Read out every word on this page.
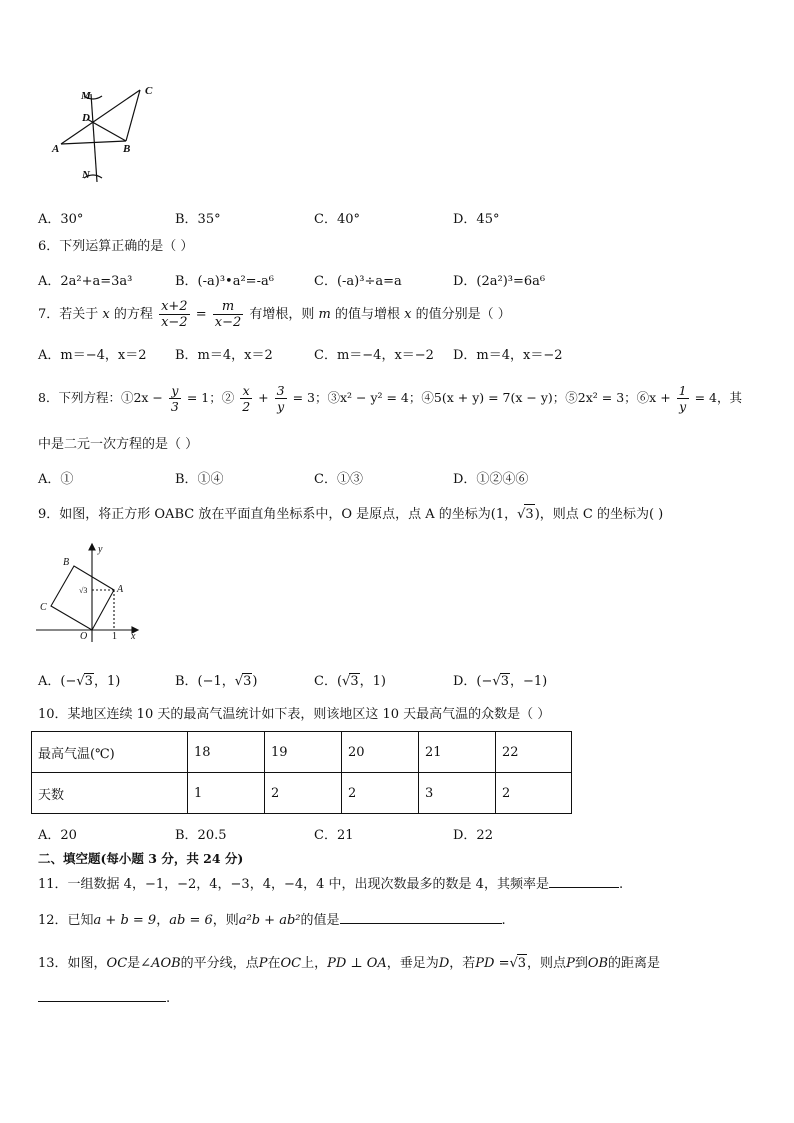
M	C
D
A	B
N
A．30°	B．35°	C．40°	D．45°
6．下列运算正确的是（ ）
A．2a²+a=3a³	B．(-a)³•a²=-a⁶	C．(-a)³÷a=a	D．(2a²)³=6a⁶
7．若关于 x 的方程 $\frac{x+2}{x-2} = \frac{m}{x-2}$ 有增根，则 m 的值与增根 x 的值分别是（ ）
A．m＝−4，x＝2 B．m＝4，x＝2	C．m＝−4，x＝−2 D．m＝4，x＝−2
8．下列方程：①2x − $\frac{y}{3} = 1$；② $\frac{x}{2} + \frac{3}{y} = 3$；③x² − y² = 4；④5(x + y) = 7(x − y)；⑤2x² = 3；⑥x + $\frac{1}{y} = 4$，其
中是二元一次方程的是（ ）
A．①	B．①④	C．①③	D．①②④⑥
9．如图，将正方形 OABC 放在平面直角坐标系中，O 是原点，点 A 的坐标为(1，√3)，则点 C 的坐标为( )
B
y
√3	A
C
O 1 x
A．(−√3，1)	B．(−1，√3)	C．(√3，1)	D．(−√3，−1)
10．某地区连续 10 天的最高气温统计如下表，则该地区这 10 天最高气温的众数是（ ）
最高气温(℃)	18	19	20	21	22
天数	1	2	2	3	2
A．20	B．20.5	C．21	D．22
二、填空题(每小题 3 分，共 24 分)
11．一组数据 4，−1，−2，4，−3，4，−4，4 中，出现次数最多的数是 4，其频率是	.
12．已知a + b = 9，ab = 6，则a²b + ab²的值是	.
13．如图，OC是∠AOB的平分线，点P在OC上，PD ⊥ OA，垂足为D，若PD =√3，则点P到OB的距离是
.
